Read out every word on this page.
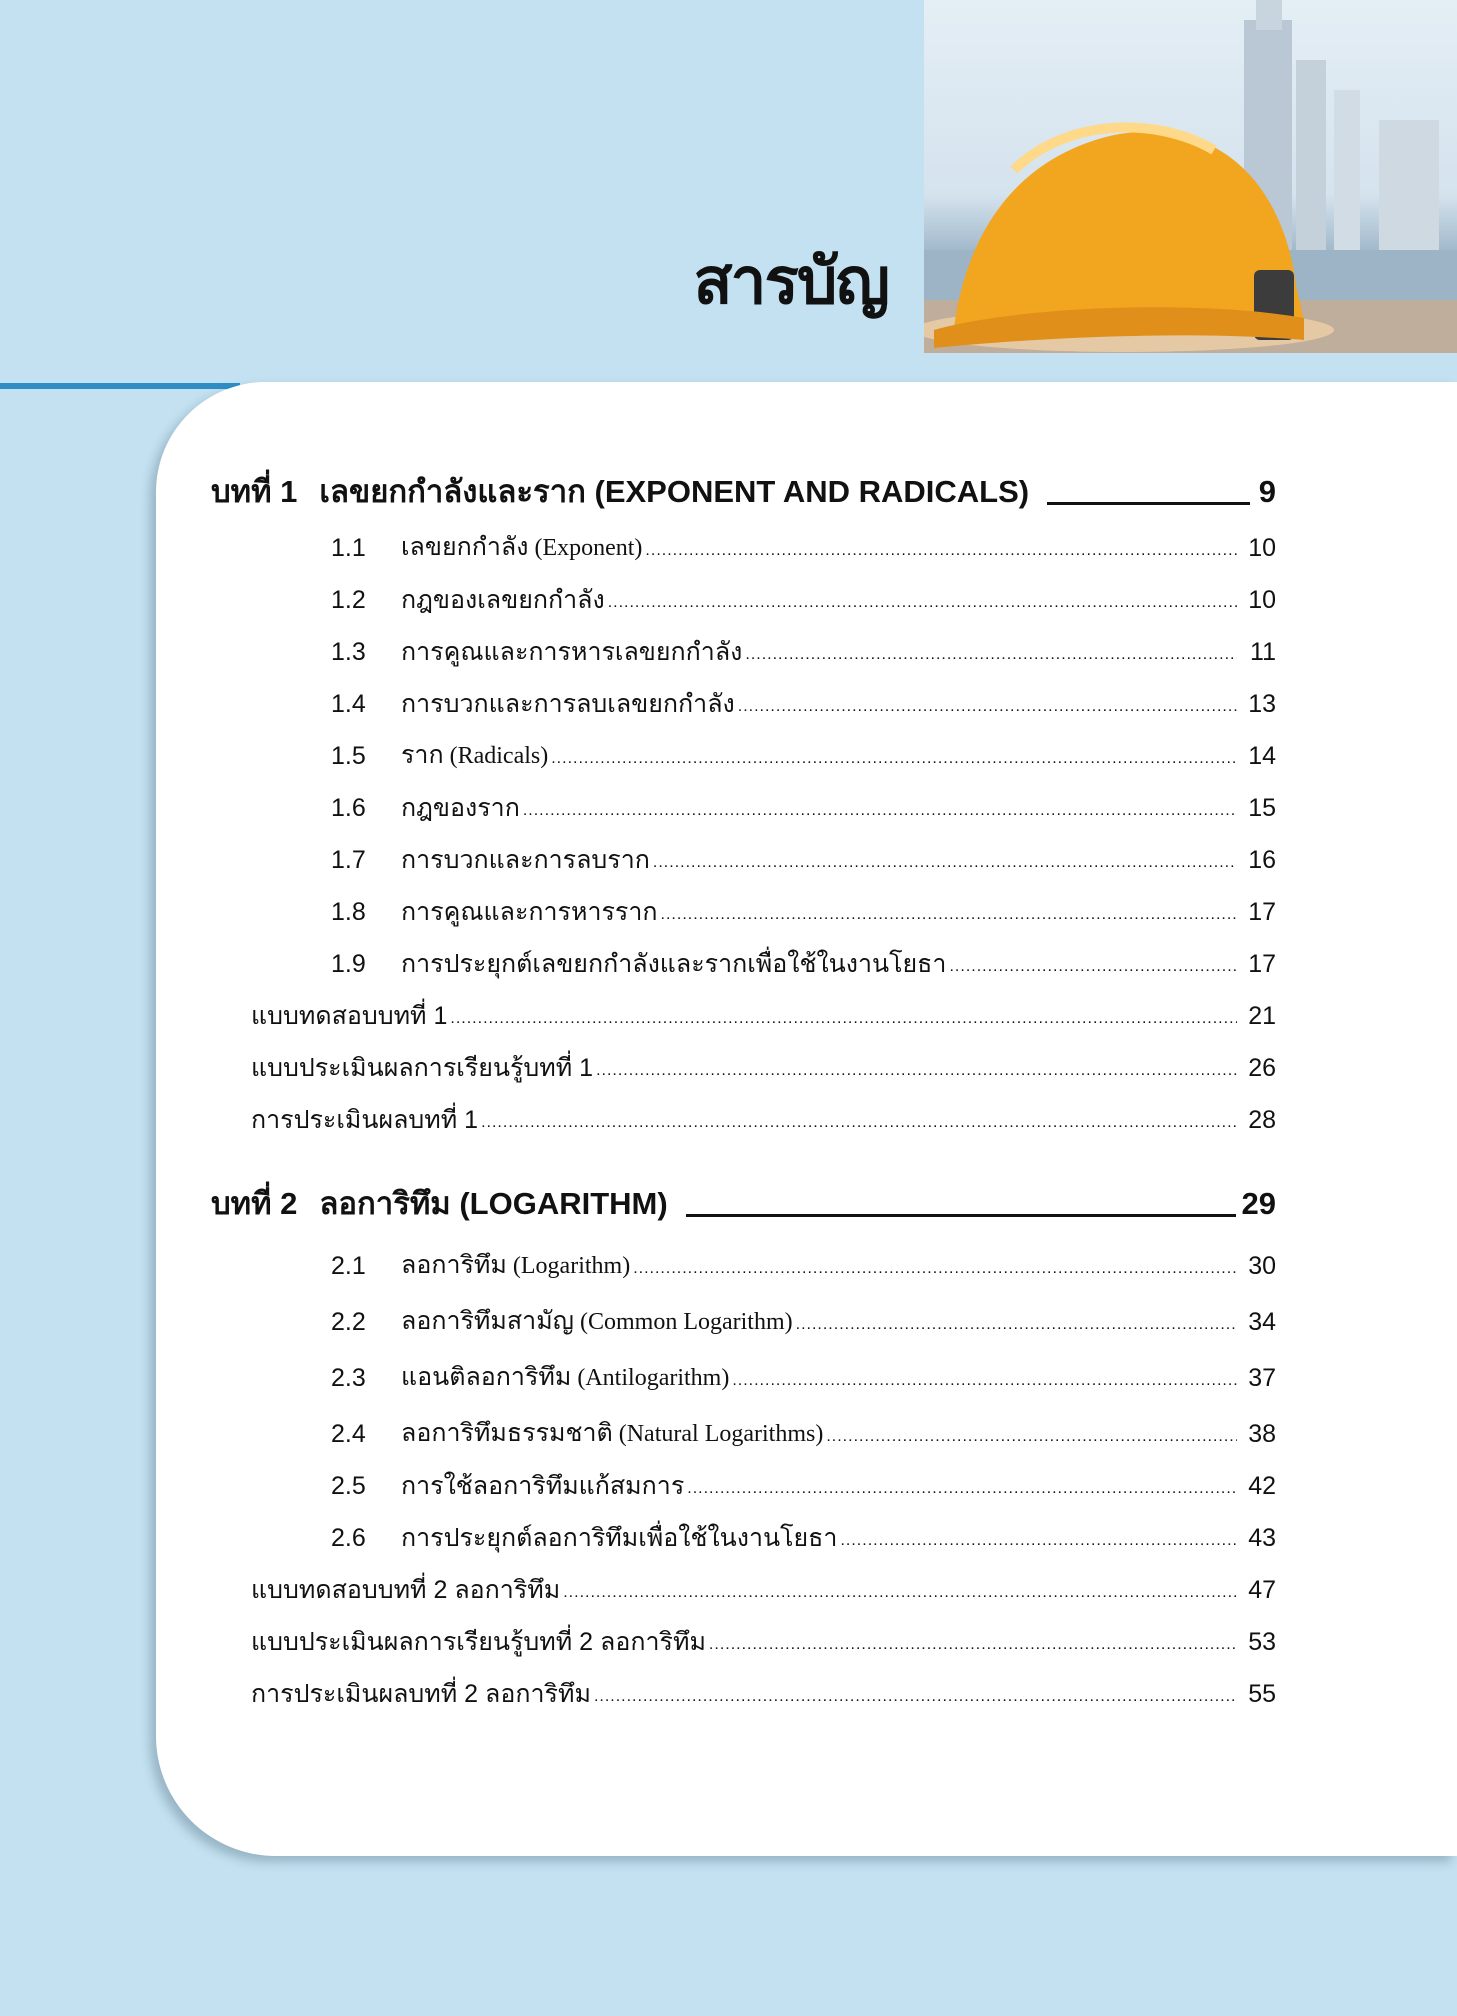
สารบัญ
บทที่ 1 เลขยกกำลังและราก (EXPONENT AND RADICALS)	9
1.1	เลขยกกำลัง (Exponent) .....	10
1.2	กฎของเลขยกกำลัง .....	10
1.3	การคูณและการหารเลขยกกำลัง .....	11
1.4	การบวกและการลบเลขยกกำลัง .....	13
1.5	ราก (Radicals) .....	14
1.6	กฎของราก .....	15
1.7	การบวกและการลบราก .....	16
1.8	การคูณและการหารราก .....	17
1.9	การประยุกต์เลขยกกำลังและรากเพื่อใช้ในงานโยธา .....	17
แบบทดสอบบทที่ 1 .....	21
แบบประเมินผลการเรียนรู้บทที่ 1 .....	26
การประเมินผลบทที่ 1 .....	28
บทที่ 2 ลอการิทึม (LOGARITHM)	29
2.1	ลอการิทึม (Logarithm) .....	30
2.2	ลอการิทึมสามัญ (Common Logarithm) .....	34
2.3	แอนติลอการิทึม (Antilogarithm) .....	37
2.4	ลอการิทึมธรรมชาติ (Natural Logarithms) .....	38
2.5	การใช้ลอการิทึมแก้สมการ .....	42
2.6	การประยุกต์ลอการิทึมเพื่อใช้ในงานโยธา .....	43
แบบทดสอบบทที่ 2 ลอการิทึม .....	47
แบบประเมินผลการเรียนรู้บทที่ 2 ลอการิทึม .....	53
การประเมินผลบทที่ 2 ลอการิทึม .....	55
